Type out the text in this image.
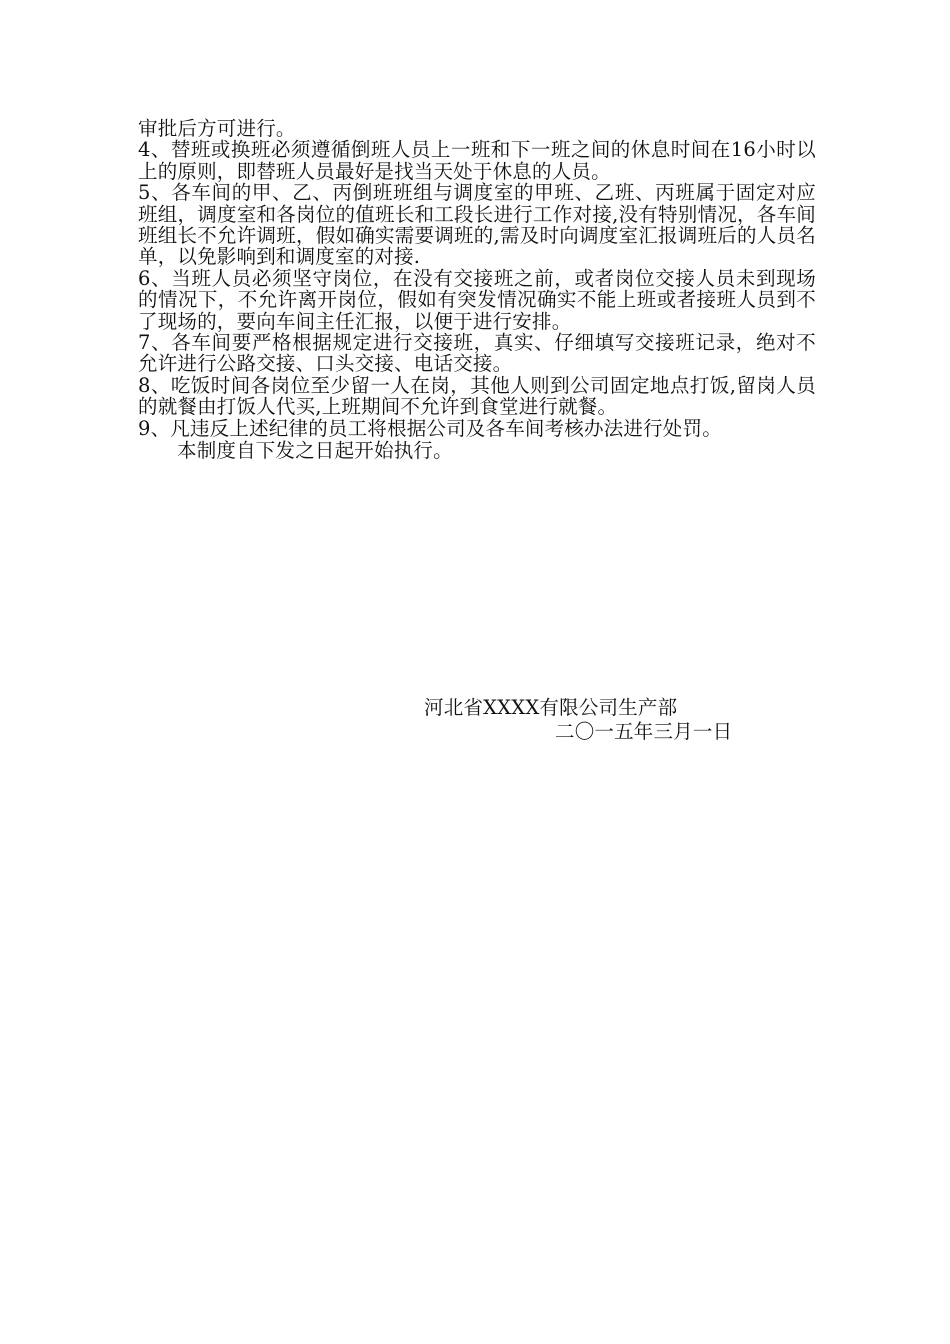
审批后方可进行。

4、替班或换班必须遵循倒班人员上一班和下一班之间的休息时间在16小时以上的原则，即替班人员最好是找当天处于休息的人员。

5、各车间的甲、乙、丙倒班班组与调度室的甲班、乙班、丙班属于固定对应班组，调度室和各岗位的值班长和工段长进行工作对接,没有特别情况，各车间班组长不允许调班，假如确实需要调班的,需及时向调度室汇报调班后的人员名单，以免影响到和调度室的对接.

6、当班人员必须坚守岗位，在没有交接班之前，或者岗位交接人员未到现场的情况下，不允许离开岗位，假如有突发情况确实不能上班或者接班人员到不了现场的，要向车间主任汇报，以便于进行安排。

7、各车间要严格根据规定进行交接班，真实、仔细填写交接班记录，绝对不允许进行公路交接、口头交接、电话交接。

8、吃饭时间各岗位至少留一人在岗，其他人则到公司固定地点打饭,留岗人员的就餐由打饭人代买,上班期间不允许到食堂进行就餐。

9、凡违反上述纪律的员工将根据公司及各车间考核办法进行处罚。

本制度自下发之日起开始执行。

河北省XXXX有限公司生产部
二〇一五年三月一日
